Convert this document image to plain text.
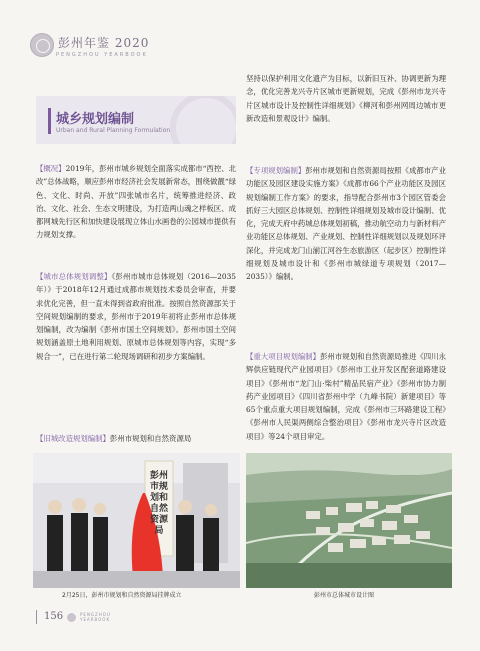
彭州年鉴 2020
PENGZHOU YEARBOOK
城乡规划编制
Urban and Rural Planning Formulation
【概况】2019年，彭州市城乡规划全面落实成都市“西控、北改”总体战略，顺应彭州市经济社会发展新常态，围绕做靓“绿色、文化、时尚、开放”四张城市名片，统筹推进经济、政治、文化、社会、生态文明建设，为打造两山魂之样板区、成都网城先行区和加快建设展现立体山水画卷的公园城市提供有力规划支撑。
【城市总体规划调整】《彭州市城市总体规划（2016—2035年）》于2018年12月通过成都市规划技术委员会审查，并要求优化完善，但一直未得到省政府批准。按照自然资源部关于空间规划编制的要求，彭州市于2019年初将止彭州市总体规划编制，改为编制《彭州市国土空间规划》。彭州市国土空间规划涵盖原土地利用规划、原城市总体规划等内容，实现“多规合一”，已在进行第二轮现场调研和初步方案编制。
【旧城改造规划编制】彭州市规划和自然资源局
坚持以保护利用文化遗产为目标，以新旧互补、协调更新为理念，优化完善龙兴寺片区城市更新规划，完成《彭州市龙兴寺片区城市设计及控制性详细规划》《柳河和彭州网周边城市更新改造和景观设计》编制。
【专项规划编制】彭州市规划和自然资源局按照《成都市产业功能区及园区建设实施方案》《成都市66个产业功能区及园区规划编制工作方案》的要求，指导配合彭州市3个园区管委会抓好三大园区总体规划、控制性详细规划及城市设计编制、优化，完成天府中药城总体规划初稿，推动航空动力与新材料产业功能区总体规划、产业规划、控制性详细规划以及规划环评深化，并完成龙门山湔江河谷生态旅游区（起步区）控制性详细规划及城市设计和《彭州市城绿道专项规划（2017—2035）》编制。
【重大项目规划编制】彭州市规划和自然资源局推进《四川永辉供应链现代产业园项目》《彭州市工业开发区配套道路建设项目》《彭州市“龙门山·柴村”精品民宿产业》《彭州市协力制药产业园项目》《四川省彭州中学（九峰书院）新建项目》等65个重点重大项目规划编制，完成《彭州市三环路建设工程》《彭州市人民渠两侧综合整治项目》《彭州市龙兴寺片区改造项目》等24个项目审定。
彭州市规划和自然资源局
2月25日，彭州市规划和自然资源局挂牌成立	彭州市总体城市设计图
156	PENGZHOU YEARBOOK
